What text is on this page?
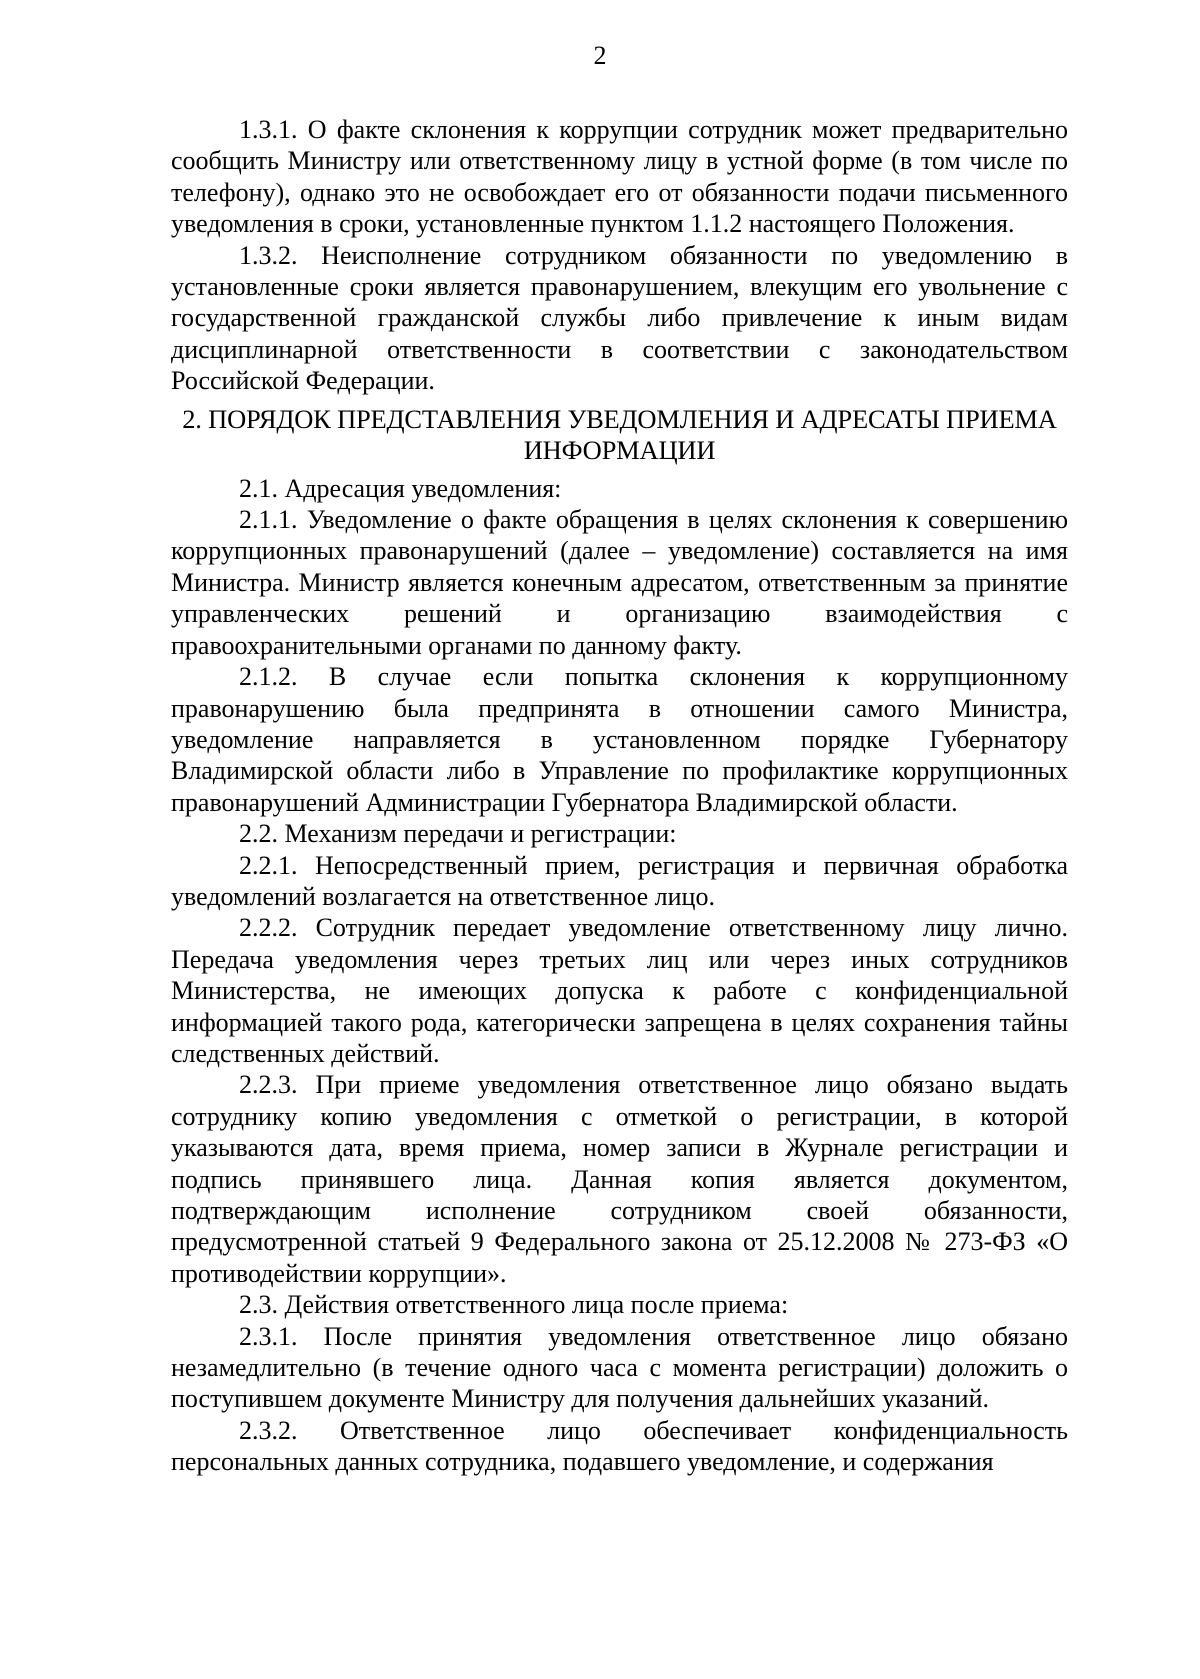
2

1.3.1. О факте склонения к коррупции сотрудник может предварительно сообщить Министру или ответственному лицу в устной форме (в том числе по телефону), однако это не освобождает его от обязанности подачи письменного уведомления в сроки, установленные пунктом 1.1.2 настоящего Положения.

1.3.2. Неисполнение сотрудником обязанности по уведомлению в установленные сроки является правонарушением, влекущим его увольнение с государственной гражданской службы либо привлечение к иным видам дисциплинарной ответственности в соответствии с законодательством Российской Федерации.

2. ПОРЯДОК ПРЕДСТАВЛЕНИЯ УВЕДОМЛЕНИЯ И АДРЕСАТЫ ПРИЕМА ИНФОРМАЦИИ

2.1. Адресация уведомления:

2.1.1. Уведомление о факте обращения в целях склонения к совершению коррупционных правонарушений (далее – уведомление) составляется на имя Министра. Министр является конечным адресатом, ответственным за принятие управленческих решений и организацию взаимодействия с правоохранительными органами по данному факту.

2.1.2. В случае если попытка склонения к коррупционному правонарушению была предпринята в отношении самого Министра, уведомление направляется в установленном порядке Губернатору Владимирской области либо в Управление по профилактике коррупционных правонарушений Администрации Губернатора Владимирской области.

2.2. Механизм передачи и регистрации:

2.2.1. Непосредственный прием, регистрация и первичная обработка уведомлений возлагается на ответственное лицо.

2.2.2. Сотрудник передает уведомление ответственному лицу лично. Передача уведомления через третьих лиц или через иных сотрудников Министерства, не имеющих допуска к работе с конфиденциальной информацией такого рода, категорически запрещена в целях сохранения тайны следственных действий.

2.2.3. При приеме уведомления ответственное лицо обязано выдать сотруднику копию уведомления с отметкой о регистрации, в которой указываются дата, время приема, номер записи в Журнале регистрации и подпись принявшего лица. Данная копия является документом, подтверждающим исполнение сотрудником своей обязанности, предусмотренной статьей 9 Федерального закона от 25.12.2008 № 273-ФЗ «О противодействии коррупции».

2.3. Действия ответственного лица после приема:

2.3.1. После принятия уведомления ответственное лицо обязано незамедлительно (в течение одного часа с момента регистрации) доложить о поступившем документе Министру для получения дальнейших указаний.

2.3.2. Ответственное лицо обеспечивает конфиденциальность персональных данных сотрудника, подавшего уведомление, и содержания
